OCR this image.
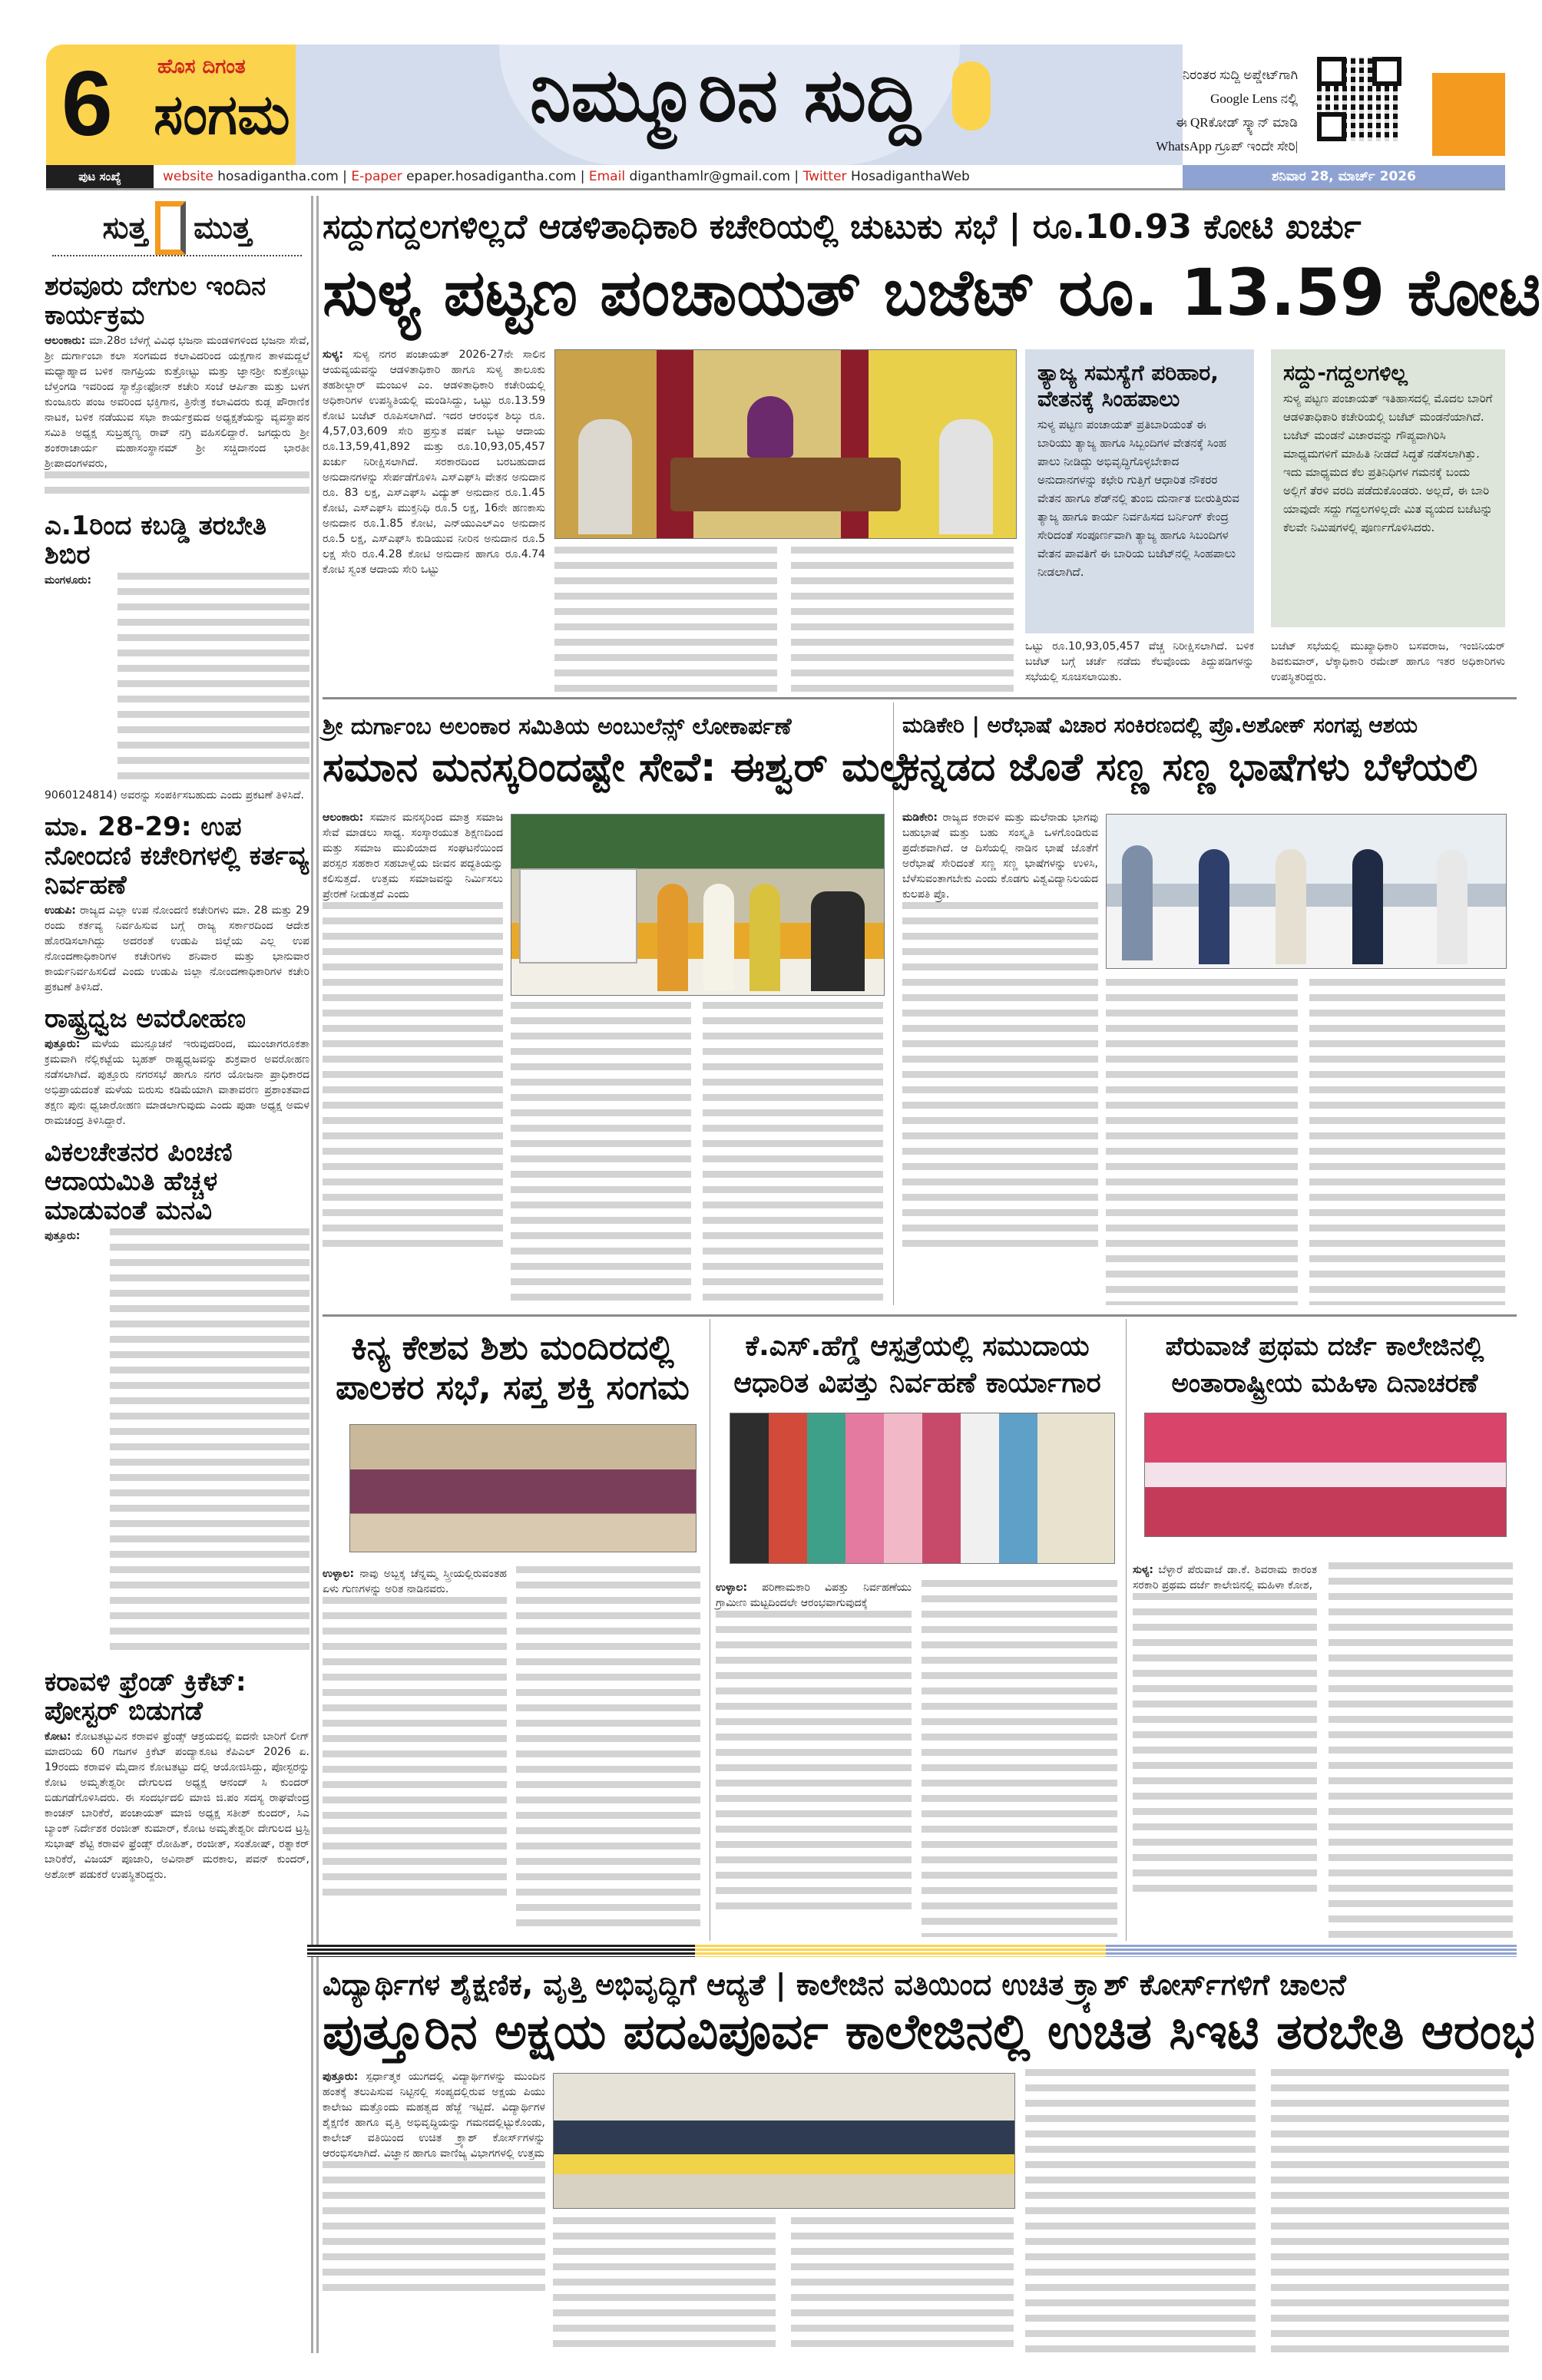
6 ಹೊಸ ದಿಗಂತ
ಸಂಗಮ	ನಿಮ್ಮೂರಿನ ಸುದ್ದಿ	ನಿರಂತರ ಸುದ್ದಿ ಅಪ್ಡೇಟ್‌ಗಾಗಿ
Google Lens ನಲ್ಲಿ
ಈ QRಕೋಡ್ ಸ್ಕ್ಯಾನ್ ಮಾಡಿ
WhatsApp ಗ್ರೂಪ್ ಇಂದೇ ಸೇರಿ|
ಪುಟ ಸಂಖ್ಯೆ	website hosadigantha.com | E-paper epaper.hosadigantha.com | Email diganthamlr@gmail.com | Twitter HosadiganthaWeb	ಶನಿವಾರ 28, ಮಾರ್ಚ್ 2026
ಸುತ್ತ ಮುತ್ತ
ಶರವೂರು ದೇಗುಲ ಇಂದಿನ ಕಾರ್ಯಕ್ರಮ
ಆಲಂಕಾರು: ಮಾ.28ರ ಬೆಳಗ್ಗೆ ವಿವಿಧ ಭಜನಾ ಮಂಡಳಿಗಳಿಂದ ಭಜನಾ ಸೇವೆ, ಶ್ರೀ ದುರ್ಗಾಂಬಾ ಕಲಾ ಸಂಗಮದ ಕಲಾವಿದರಿಂದ ಯಕ್ಷಗಾನ ತಾಳಮದ್ದಲೆ ಮಧ್ಯಾಹ್ನಾದ ಬಳಿಕ ನಾಗಪ್ರಿಯ ಕುತ್ರೋಟ್ಟು ಮತ್ತು ಜ್ಞಾನಶ್ರೀ ಕುತ್ರೋಟ್ಟು ಬೆಳ್ತಂಗಡಿ ಇವರಿಂದ ಸ್ಯಾಕ್ಸೋಫೋನ್ ಕಚೇರಿ ಸಂಜೆ ಆರ್ಪಿತಾ ಮತ್ತು ಬಳಗ ಕುಂಜೂರು ಪಂಜ ಅವರಿಂದ ಭಕ್ತಿಗಾನ, ತ್ರಿನೇತ್ರ ಕಲಾವಿದರು ಕುಡ್ಲ ಪೌರಾಣಿಕ ನಾಟಕ, ಬಳಿಕ ನಡೆಯುವ ಸಭಾ ಕಾರ್ಯಕ್ರಮದ ಅಧ್ಯಕ್ಷತೆಯನ್ನು ವ್ಯವಸ್ಥಾಪನ ಸಮಿತಿ ಅಧ್ಯಕ್ಷ ಸುಬ್ರಹ್ಮಣ್ಯ ರಾವ್ ನಗ್ರಿ ವಹಿಸಲಿದ್ದಾರೆ. ಜಗದ್ಗುರು ಶ್ರೀ ಶಂಕರಾಚಾರ್ಯ ಮಹಾಸಂಸ್ಥಾನಮ್ ಶ್ರೀ ಸಚ್ಚಿದಾನಂದ ಭಾರತೀ ಶ್ರೀಪಾದಂಗಳವರು,
ಎ.1ರಿಂದ ಕಬಡ್ಡಿ ತರಬೇತಿ ಶಿಬಿರ
ಮಂಗಳೂರು:
9060124814) ಅವರನ್ನು ಸಂಪರ್ಕಿಸಬಹುದು ಎಂದು ಪ್ರಕಟಣೆ ತಿಳಿಸಿದೆ.
ಮಾ. 28-29: ಉಪ ನೋಂದಣಿ ಕಚೇರಿಗಳಲ್ಲಿ ಕರ್ತವ್ಯ ನಿರ್ವಹಣೆ
ಉಡುಪಿ: ರಾಜ್ಯದ ಎಲ್ಲಾ ಉಪ ನೋಂದಣಿ ಕಚೇರಿಗಳು ಮಾ. 28 ಮತ್ತು 29 ರಂದು ಕರ್ತವ್ಯ ನಿರ್ವಹಿಸುವ ಬಗ್ಗೆ ರಾಜ್ಯ ಸರ್ಕಾರದಿಂದ ಆದೇಶ ಹೊರಡಿಸಲಾಗಿದ್ದು ಅದರಂತೆ ಉಡುಪಿ ಜಿಲ್ಲೆಯ ಎಲ್ಲ ಉಪ ನೋಂದಣಾಧಿಕಾರಿಗಳ ಕಚೇರಿಗಳು ಶನಿವಾರ ಮತ್ತು ಭಾನುವಾರ ಕಾರ್ಯನಿರ್ವಹಿಸಲಿದೆ ಎಂದು ಉಡುಪಿ ಜಿಲ್ಲಾ ನೋಂದಣಾಧಿಕಾರಿಗಳ ಕಚೇರಿ ಪ್ರಕಟಣೆ ತಿಳಿಸಿದೆ.
ರಾಷ್ಟ್ರಧ್ವಜ ಅವರೋಹಣ
ಪುತ್ತೂರು: ಮಳೆಯ ಮುನ್ಸೂಚನೆ ಇರುವುದರಿಂದ, ಮುಂಜಾಗರೂಕತಾ ಕ್ರಮವಾಗಿ ನೆಲ್ಲಿಕಟ್ಟೆಯ ಬೃಹತ್ ರಾಷ್ಟ್ರಧ್ವಜವನ್ನು ಶುಕ್ರವಾರ ಅವರೋಹಣ ನಡೆಸಲಾಗಿದೆ. ಪುತ್ತೂರು ನಗರಸಭೆ ಹಾಗೂ ನಗರ ಯೋಜನಾ ಪ್ರಾಧಿಕಾರದ ಅಭಿಪ್ರಾಯದಂತೆ ಮಳೆಯ ಬಿರುಸು ಕಡಿಮೆಯಾಗಿ ವಾತಾವರಣ ಪ್ರಶಾಂತವಾದ ತಕ್ಷಣ ಪುನಃ ಧ್ವಜಾರೋಹಣ ಮಾಡಲಾಗುವುದು ಎಂದು ಪುಡಾ ಅಧ್ಯಕ್ಷ ಅಮಳ ರಾಮಚಂದ್ರ ತಿಳಿಸಿದ್ದಾರೆ.
ವಿಕಲಚೇತನರ ಪಿಂಚಣಿ ಆದಾಯಮಿತಿ ಹೆಚ್ಚಳ ಮಾಡುವಂತೆ ಮನವಿ
ಪುತ್ತೂರು:
ಕರಾವಳಿ ಫ್ರೆಂಡ್ ಕ್ರಿಕೆಟ್: ಪೋಸ್ಟರ್ ಬಿಡುಗಡೆ
ಕೋಟ: ಕೋಟತಟ್ಟುವಿನ ಕರಾವಳಿ ಫ್ರೆಂಡ್ಸ್ ಆಶ್ರಯದಲ್ಲಿ ಐದನೇ ಬಾರಿಗೆ ಲೀಗ್ ಮಾದರಿಯ 60 ಗಜಗಳ ಕ್ರಿಕೆಟ್ ಪಂದ್ಯಾಕೂಟ ಕೆಪಿಎಲ್ 2026 ಏ. 19ರಂದು ಕರಾವಳಿ ಮೈದಾನ ಕೋಟತಟ್ಟು ದಲ್ಲಿ ಆಯೋಜಿಸಿದ್ದು, ಪೋಸ್ಟರನ್ನು ಕೋಟ ಅಮೃತೇಶ್ವರೀ ದೇಗುಲದ ಅಧ್ಯಕ್ಷ ಆನಂದ್ ಸಿ ಕುಂದರ್ ಬಿಡುಗಡೆಗೊಳಿಸಿದರು. ಈ ಸಂದರ್ಭದಲಿ ಮಾಜಿ ಜಿ.ಪಂ ಸದಸ್ಯ ರಾಘವೇಂದ್ರ ಕಾಂಚನ್ ಬಾರಿಕೆರೆ, ಪಂಚಾಯತ್ ಮಾಜಿ ಅಧ್ಯಕ್ಷ ಸತೀಶ್ ಕುಂದರ್, ಸಿಎ ಬ್ಯಾಂಕ್ ನಿರ್ದೇಶಕ ರಂಜೀತ್ ಕುಮಾರ್, ಕೋಟ ಅಮೃತೇಶ್ವರೀ ದೇಗುಲದ ಟ್ರಸ್ಟಿ ಸುಭಾಷ್ ಶೆಟ್ಟಿ ಕರಾವಳಿ ಫ್ರೆಂಡ್ಸ್ ರೋಹಿತ್, ರಂಜೀತ್, ಸಂತೋಷ್, ರತ್ನಾಕರ್ ಬಾರಿಕೆರೆ, ವಿಜಯ್ ಪೂಜಾರಿ, ಅವಿನಾಶ್ ಮರಕಾಲ, ಪವನ್ ಕುಂದರ್, ಅಶೋಕ್ ಪಡುಕರೆ ಉಪಸ್ಥಿತರಿದ್ದರು.
ಸದ್ದುಗದ್ದಲಗಳಿಲ್ಲದೆ ಆಡಳಿತಾಧಿಕಾರಿ ಕಚೇರಿಯಲ್ಲಿ ಚುಟುಕು ಸಭೆ | ರೂ.10.93 ಕೋಟಿ ಖರ್ಚು
ಸುಳ್ಯ ಪಟ್ಟಣ ಪಂಚಾಯತ್ ಬಜೆಟ್ ರೂ. 13.59 ಕೋಟಿ
ಸುಳ್ಯ: ಸುಳ್ಯ ನಗರ ಪಂಚಾಯತ್ 2026-27ನೇ ಸಾಲಿನ ಆಯವ್ಯಯವನ್ನು ಆಡಳಿತಾಧಿಕಾರಿ ಹಾಗೂ ಸುಳ್ಯ ತಾಲೂಕು ತಹಶೀಲ್ದಾರ್ ಮಂಜುಳ ಎಂ. ಆಡಳಿತಾಧಿಕಾರಿ ಕಚೇರಿಯಲ್ಲಿ ಅಧಿಕಾರಿಗಳ ಉಪಸ್ಥಿತಿಯಲ್ಲಿ ಮಂಡಿಸಿದ್ದು, ಒಟ್ಟು ರೂ.13.59 ಕೋಟಿ ಬಜೆಟ್ ರೂಪಿಸಲಾಗಿದೆ. ಇದರ ಆರಂಭಿಕ ಶಿಲ್ಕು ರೂ. 4,57,03,609 ಸೇರಿ ಪ್ರಸ್ತುತ ವರ್ಷ ಒಟ್ಟು ಆದಾಯ ರೂ.13,59,41,892 ಮತ್ತು ರೂ.10,93,05,457 ಖರ್ಚು ನಿರೀಕ್ಷಿಸಲಾಗಿದೆ. ಸರಕಾರದಿಂದ ಬರಬಹುದಾದ ಅನುದಾನಗಳನ್ನು ಸೇರ್ಪಡೆಗೊಳಿಸಿ ಎಸ್‌ಎಫ್‌ಸಿ ವೇತನ ಅನುದಾನ ರೂ. 83 ಲಕ್ಷ, ಎಸ್‌ಎಫ್‌ಸಿ ವಿದ್ಯುತ್ ಅನುದಾನ ರೂ.1.45 ಕೋಟಿ, ಎಸ್‌ಎಫ್‌ಸಿ ಮುಕ್ತನಿಧಿ ರೂ.5 ಲಕ್ಷ, 16ನೇ ಹಣಕಾಸು ಅನುದಾನ ರೂ.1.85 ಕೋಟಿ, ಎನ್‌ಯುಎಲ್‌ಎಂ ಅನುದಾನ ರೂ.5 ಲಕ್ಷ, ಎಸ್‌ಎಫ್‌ಸಿ ಕುಡಿಯುವ ನೀರಿನ ಅನುದಾನ ರೂ.5 ಲಕ್ಷ ಸೇರಿ ರೂ.4.28 ಕೋಟಿ ಅನುದಾನ ಹಾಗೂ ರೂ.4.74 ಕೋಟಿ ಸ್ವಂತ ಆದಾಯ ಸೇರಿ ಒಟ್ಟು
ತ್ಯಾಜ್ಯ ಸಮಸ್ಯೆಗೆ ಪರಿಹಾರ, ವೇತನಕ್ಕೆ ಸಿಂಹಪಾಲು
ಸುಳ್ಯ ಪಟ್ಟಣ ಪಂಚಾಯತ್ ಪ್ರತಿಬಾರಿಯಂತೆ ಈ ಬಾರಿಯು ತ್ಯಾಜ್ಯ ಹಾಗೂ ಸಿಬ್ಬಂದಿಗಳ ವೇತನಕ್ಕೆ ಸಿಂಹ ಪಾಲು ನೀಡಿದ್ದು ಅಭಿವೃದ್ಧಿಗೊಳ್ಳಬೇಕಾದ ಅನುದಾನಗಳನ್ನು ಕಛೇರಿ ಗುತ್ತಿಗೆ ಆಧಾರಿತ ನೌಕರರ ವೇತನ ಹಾಗೂ ಶೆಡ್‌ನಲ್ಲಿ ತುಂಬಿ ದುರ್ನಾತ ಬೀರುತ್ತಿರುವ ತ್ಯಾಜ್ಯ ಹಾಗೂ ಕಾರ್ಯ ನಿರ್ವಹಿಸದ ಬರ್ನಿಂಗ್ ಕೇಂದ್ರ ಸೇರಿದಂತೆ ಸಂಪೂರ್ಣವಾಗಿ ತ್ಯಾಜ್ಯ ಹಾಗೂ ಸಿಬಂದಿಗಳ ವೇತನ ಪಾವತಿಗೆ ಈ ಬಾರಿಯ ಬಜೆಟ್‌ನಲ್ಲಿ ಸಿಂಹಪಾಲು ನೀಡಲಾಗಿದೆ.
ಒಟ್ಟು ರೂ.10,93,05,457 ವೆಚ್ಚ ನಿರೀಕ್ಷಿಸಲಾಗಿದೆ. ಬಳಿಕ ಬಜೆಟ್ ಬಗ್ಗೆ ಚರ್ಚೆ ನಡೆದು ಕೆಲವೊಂದು ತಿದ್ದುಪಡಿಗಳನ್ನು ಸಭೆಯಲ್ಲಿ ಸೂಚಿಸಲಾಯಿತು.
ಸದ್ದು-ಗದ್ದಲಗಳಿಲ್ಲ
ಸುಳ್ಯ ಪಟ್ಟಣ ಪಂಚಾಯತ್ ಇತಿಹಾಸದಲ್ಲಿ ಮೊದಲ ಬಾರಿಗೆ ಆಡಳಿತಾಧಿಕಾರಿ ಕಚೇರಿಯಲ್ಲಿ ಬಜೆಟ್ ಮಂಡನೆಯಾಗಿದೆ. ಬಜೆಟ್ ಮಂಡನೆ ವಿಚಾರವನ್ನು ಗೌಪ್ಯವಾಗಿರಿಸಿ ಮಾಧ್ಯಮಗಳಿಗೆ ಮಾಹಿತಿ ನೀಡದೆ ಸಿದ್ಧತೆ ನಡೆಸಲಾಗಿತ್ತು. ಇದು ಮಾಧ್ಯಮದ ಕೆಲ ಪ್ರತಿನಿಧಿಗಳ ಗಮನಕ್ಕೆ ಬಂದು ಅಲ್ಲಿಗೆ ತೆರಳಿ ವರದಿ ಪಡೆದುಕೊಂಡರು. ಅಲ್ಲದೆ, ಈ ಬಾರಿ ಯಾವುದೇ ಸದ್ದು ಗದ್ದಲಗಳಿಲ್ಲದೇ ಮಿತ ವ್ಯಯದ ಬಜೆಟನ್ನು ಕೆಲವೇ ನಿಮಿಷಗಳಲ್ಲಿ ಪೂರ್ಣಗೊಳಿಸಿದರು.
ಬಜೆಟ್ ಸಭೆಯಲ್ಲಿ ಮುಖ್ಯಾಧಿಕಾರಿ ಬಸವರಾಜ, ಇಂಜಿನಿಯರ್ ಶಿವಕುಮಾರ್, ಲೆಕ್ಕಾಧಿಕಾರಿ ರಮೇಶ್ ಹಾಗೂ ಇತರ ಅಧಿಕಾರಿಗಳು ಉಪಸ್ಥಿತರಿದ್ದರು.
ಶ್ರೀ ದುರ್ಗಾಂಬ ಅಲಂಕಾರ ಸಮಿತಿಯ ಅಂಬುಲೆನ್ಸ್ ಲೋಕಾರ್ಪಣೆ
ಸಮಾನ ಮನಸ್ಕರಿಂದಷ್ಟೇ ಸೇವೆ: ಈಶ್ವರ್ ಮಲ್ಪೆ
ಆಲಂಕಾರು: ಸಮಾನ ಮನಸ್ಕರಿಂದ ಮಾತ್ರ ಸಮಾಜ ಸೇವೆ ಮಾಡಲು ಸಾಧ್ಯ. ಸಂಸ್ಕಾರಯುತ ಶಿಕ್ಷಣದಿಂದ ಮತ್ತು ಸಮಾಜ ಮುಖಿಯಾದ ಸಂಘಟನೆಯಿಂದ ಪರಸ್ಪರ ಸಹಕಾರ ಸಹಬಾಳ್ವೆಯ ಜೀವನ ಪದ್ಧತಿಯನ್ನು ಕಲಿಸುತ್ತದೆ. ಉತ್ತಮ ಸಮಾಜವನ್ನು ನಿರ್ಮಿಸಲು ಪ್ರೇರಣೆ ನೀಡುತ್ತದೆ ಎಂದು
ಮಡಿಕೇರಿ | ಅರೆಭಾಷೆ ವಿಚಾರ ಸಂಕಿರಣದಲ್ಲಿ ಪ್ರೊ.ಅಶೋಕ್ ಸಂಗಪ್ಪ ಆಶಯ
ಕನ್ನಡದ ಜೊತೆ ಸಣ್ಣ ಸಣ್ಣ ಭಾಷೆಗಳು ಬೆಳೆಯಲಿ
ಮಡಿಕೇರಿ: ರಾಜ್ಯದ ಕರಾವಳಿ ಮತ್ತು ಮಲೆನಾಡು ಭಾಗವು ಬಹುಭಾಷೆ ಮತ್ತು ಬಹು ಸಂಸ್ಕೃತಿ ಒಳಗೊಂಡಿರುವ ಪ್ರದೇಶವಾಗಿದೆ. ಆ ದಿಸೆಯಲ್ಲಿ ನಾಡಿನ ಭಾಷೆ ಜೊತೆಗೆ ಅರೆಭಾಷೆ ಸೇರಿದಂತೆ ಸಣ್ಣ ಸಣ್ಣ ಭಾಷೆಗಳನ್ನು ಉಳಿಸಿ, ಬೆಳೆಸುವಂತಾಗಬೇಕು ಎಂದು ಕೊಡಗು ವಿಶ್ವವಿದ್ಯಾನಿಲಯದ ಕುಲಪತಿ ಪ್ರೊ.
ಕಿನ್ಯ ಕೇಶವ ಶಿಶು ಮಂದಿರದಲ್ಲಿ ಪಾಲಕರ ಸಭೆ, ಸಪ್ತ ಶಕ್ತಿ ಸಂಗಮ
ಉಳ್ಳಾಲ: ನಾವು ಅಬ್ಬಕ್ಕ ಚೆನ್ನಮ್ಮ ಸ್ತ್ರೀಯಲ್ಲಿರುವಂತಹ ಏಳು ಗುಣಗಳನ್ನು ಅರಿತ ನಾಡಿನವರು.
ಕೆ.ಎಸ್.ಹೆಗ್ಡೆ ಆಸ್ಪತ್ರೆಯಲ್ಲಿ ಸಮುದಾಯ ಆಧಾರಿತ ವಿಪತ್ತು ನಿರ್ವಹಣೆ ಕಾರ್ಯಾಗಾರ
ಉಳ್ಳಾಲ: ಪರಿಣಾಮಕಾರಿ ವಿಪತ್ತು ನಿರ್ವಹಣೆಯು ಗ್ರಾಮೀಣ ಮಟ್ಟದಿಂದಲೇ ಆರಂಭವಾಗುವುದಕ್ಕೆ
ಪೆರುವಾಜೆ ಪ್ರಥಮ ದರ್ಜೆ ಕಾಲೇಜಿನಲ್ಲಿ ಅಂತಾರಾಷ್ಟ್ರೀಯ ಮಹಿಳಾ ದಿನಾಚರಣೆ
ಸುಳ್ಯ: ಬೆಳ್ಳಾರೆ ಪೆರುವಾಜೆ ಡಾ.ಕೆ. ಶಿವರಾಮ ಕಾರಂತ ಸರಕಾರಿ ಪ್ರಥಮ ದರ್ಜೆ ಕಾಲೇಜಿನಲ್ಲಿ ಮಹಿಳಾ ಕೋಶ,
ವಿದ್ಯಾರ್ಥಿಗಳ ಶೈಕ್ಷಣಿಕ, ವೃತ್ತಿ ಅಭಿವೃದ್ಧಿಗೆ ಆದ್ಯತೆ | ಕಾಲೇಜಿನ ವತಿಯಿಂದ ಉಚಿತ ಕ್ರ್ಯಾಶ್ ಕೋರ್ಸ್‌ಗಳಿಗೆ ಚಾಲನೆ
ಪುತ್ತೂರಿನ ಅಕ್ಷಯ ಪದವಿಪೂರ್ವ ಕಾಲೇಜಿನಲ್ಲಿ ಉಚಿತ ಸಿಇಟಿ ತರಬೇತಿ ಆರಂಭ
ಪುತ್ತೂರು: ಸ್ಪರ್ಧಾತ್ಮಕ ಯುಗದಲ್ಲಿ ವಿದ್ಯಾರ್ಥಿಗಳನ್ನು ಮುಂದಿನ ಹಂತಕ್ಕೆ ತಲುಪಿಸುವ ನಿಟ್ಟಿನಲ್ಲಿ ಸಂಪ್ಯದಲ್ಲಿರುವ ಅಕ್ಷಯ ಪಿಯು ಕಾಲೇಜು ಮತ್ತೊಂದು ಮಹತ್ವದ ಹೆಜ್ಜೆ ಇಟ್ಟಿದೆ. ವಿದ್ಯಾರ್ಥಿಗಳ ಶೈಕ್ಷಣಿಕ ಹಾಗೂ ವೃತ್ತಿ ಅಭಿವೃದ್ಧಿಯನ್ನು ಗಮನದಲ್ಲಿಟ್ಟುಕೊಂಡು, ಕಾಲೇಜ್ ವತಿಯಿಂದ ಉಚಿತ ಕ್ರ್ಯಾಶ್ ಕೋರ್ಸ್‌ಗಳನ್ನು ಆರಂಭಿಸಲಾಗಿದೆ. ವಿಜ್ಞಾನ ಹಾಗೂ ವಾಣಿಜ್ಯ ವಿಭಾಗಗಳಲ್ಲಿ ಉತ್ತಮ
